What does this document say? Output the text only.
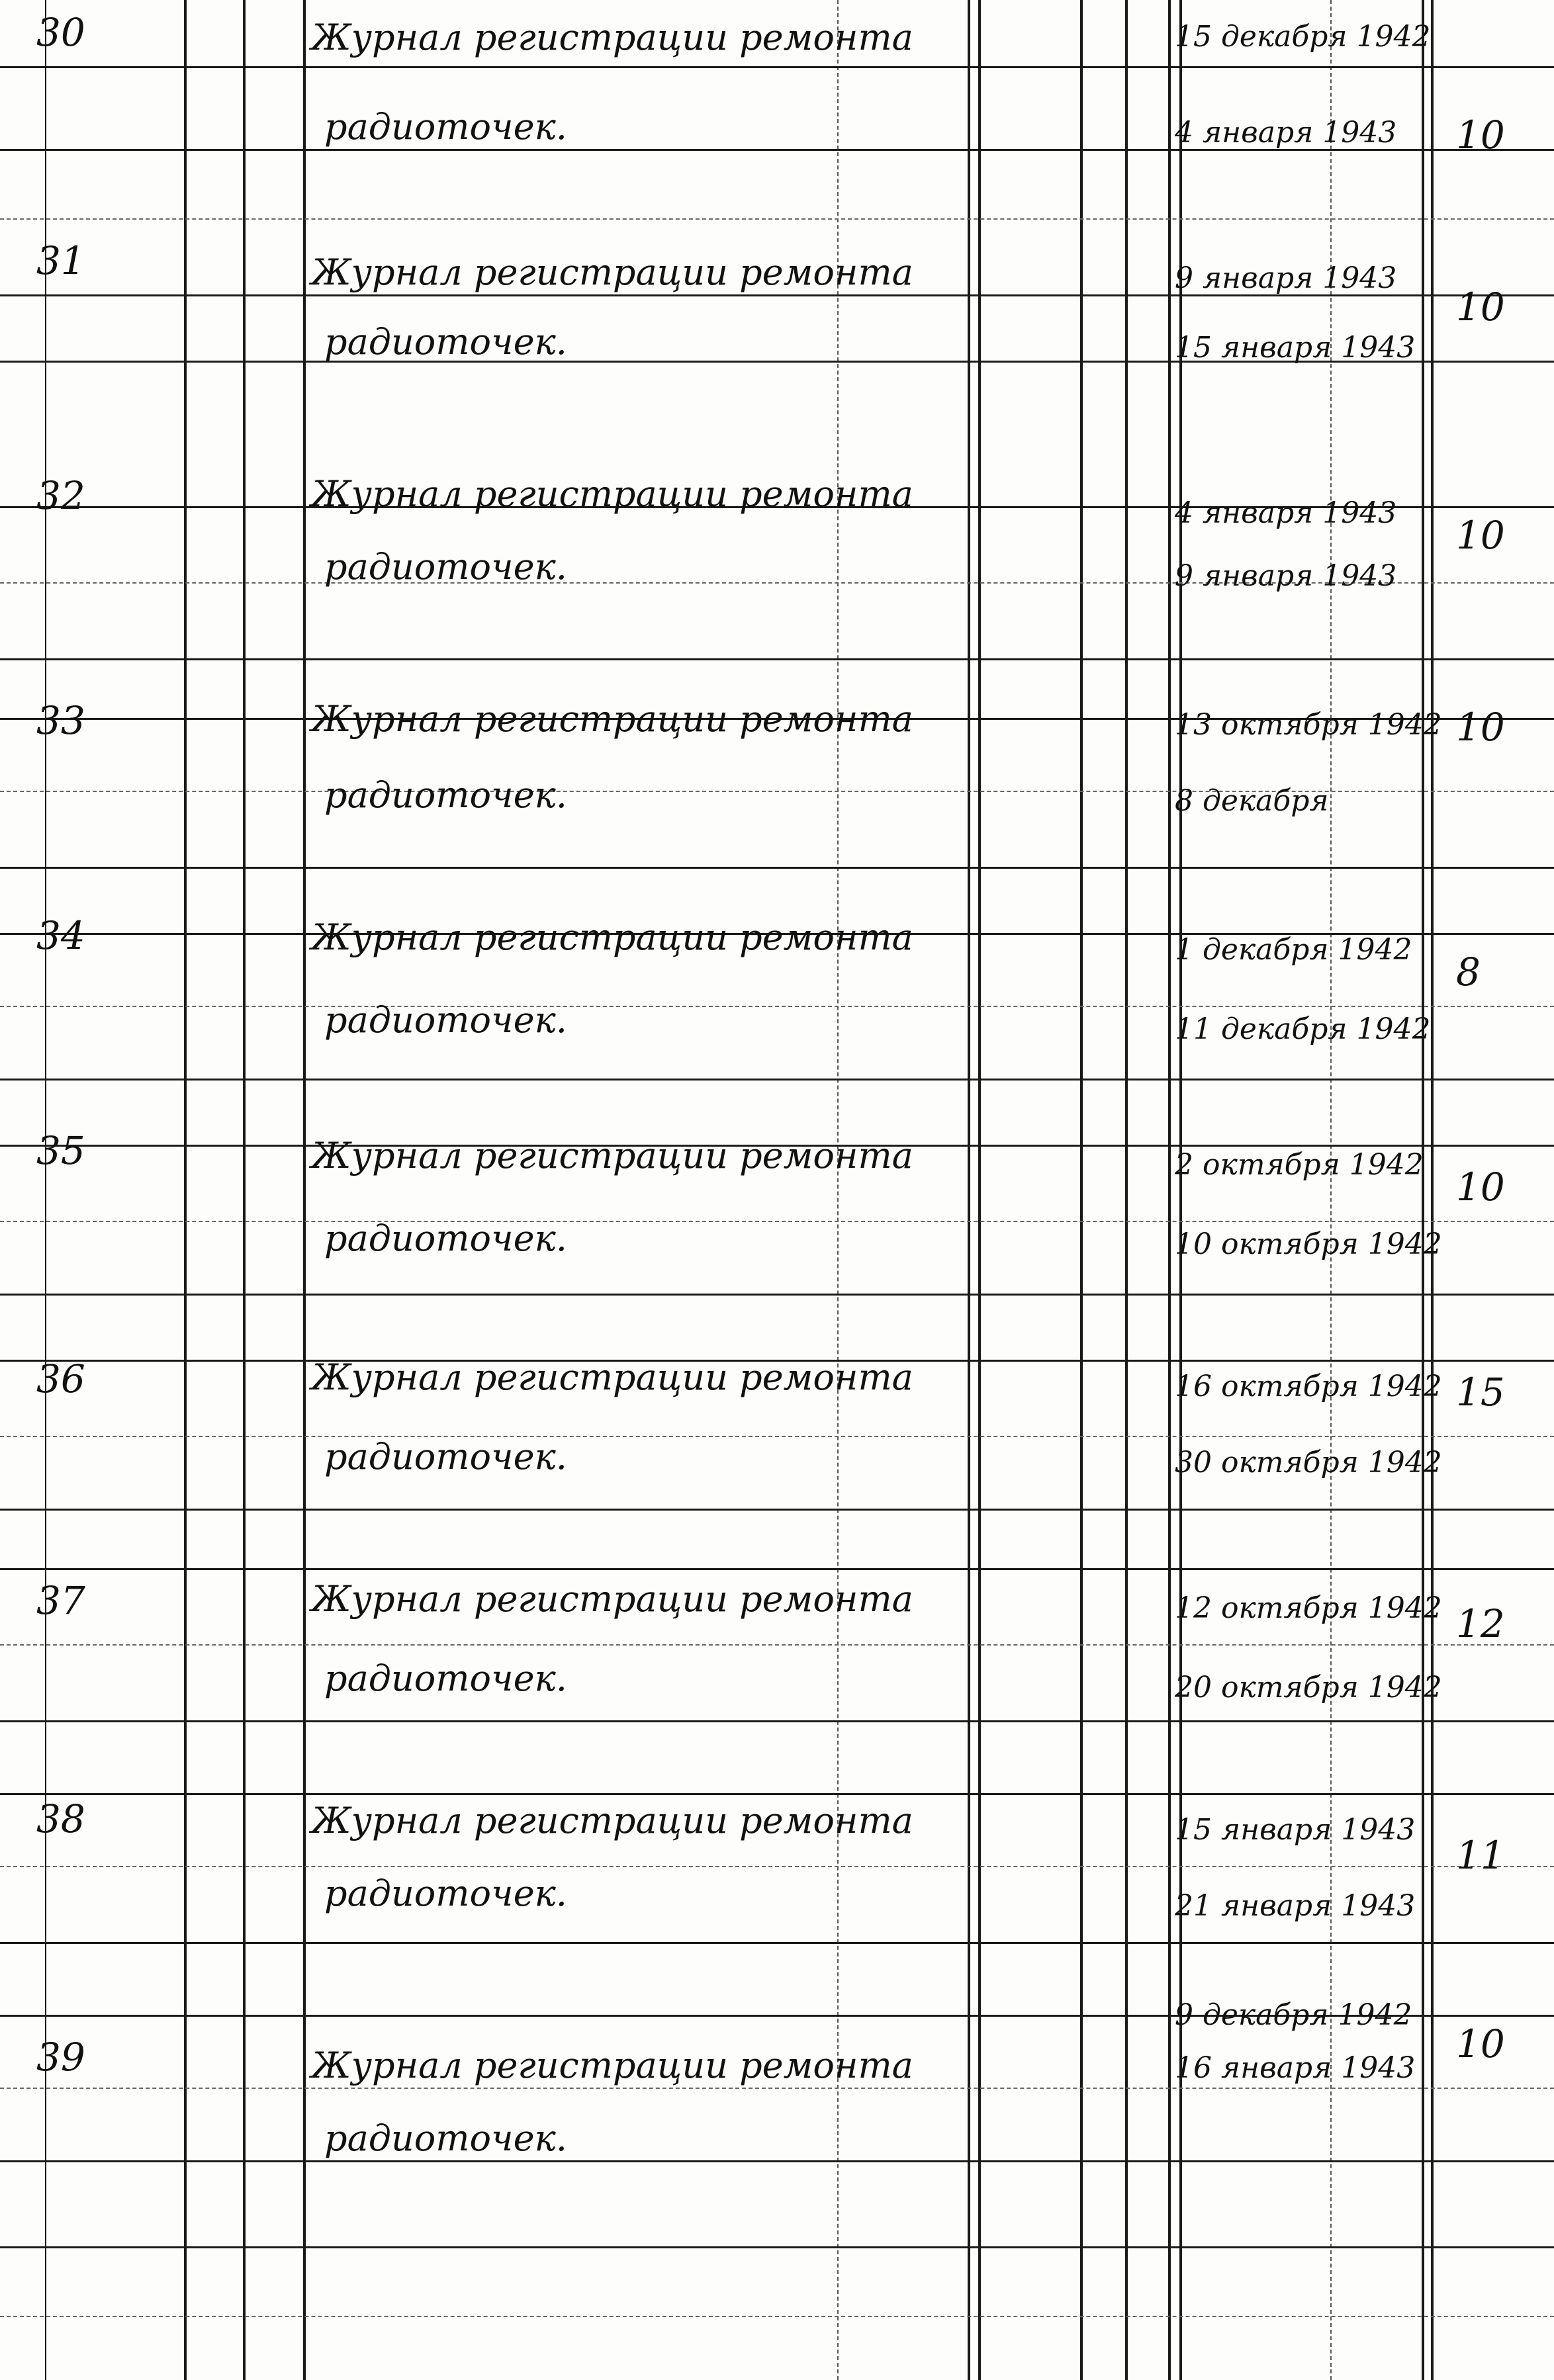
30	Журнал регистрации ремонта
радиоточек.
15 декабря 1942
4 января 1943 10
31	Журнал регистрации ремонта
радиоточек.
9 января 1943
15 января 1943
10
32	Журнал регистрации ремонта
радиоточек.
4 января 1943
9 января 1943
10
33	Журнал регистрации ремонта
радиоточек.
13 октября 1942
8 декабря
10
34	Журнал регистрации ремонта
радиоточек.
1 декабря 1942
11 декабря 1942
8
35	Журнал регистрации ремонта
радиоточек.
2 октября 1942
10 октября 1942
10
36	Журнал регистрации ремонта
радиоточек.
16 октября 1942
30 октября 1942
15
37	Журнал регистрации ремонта
радиоточек.
12 октября 1942
20 октября 1942
12
38	Журнал регистрации ремонта
радиоточек.
15 января 1943
21 января 1943
11
39	Журнал регистрации ремонта
радиоточек.
9 декабря 1942
16 января 1943
10
